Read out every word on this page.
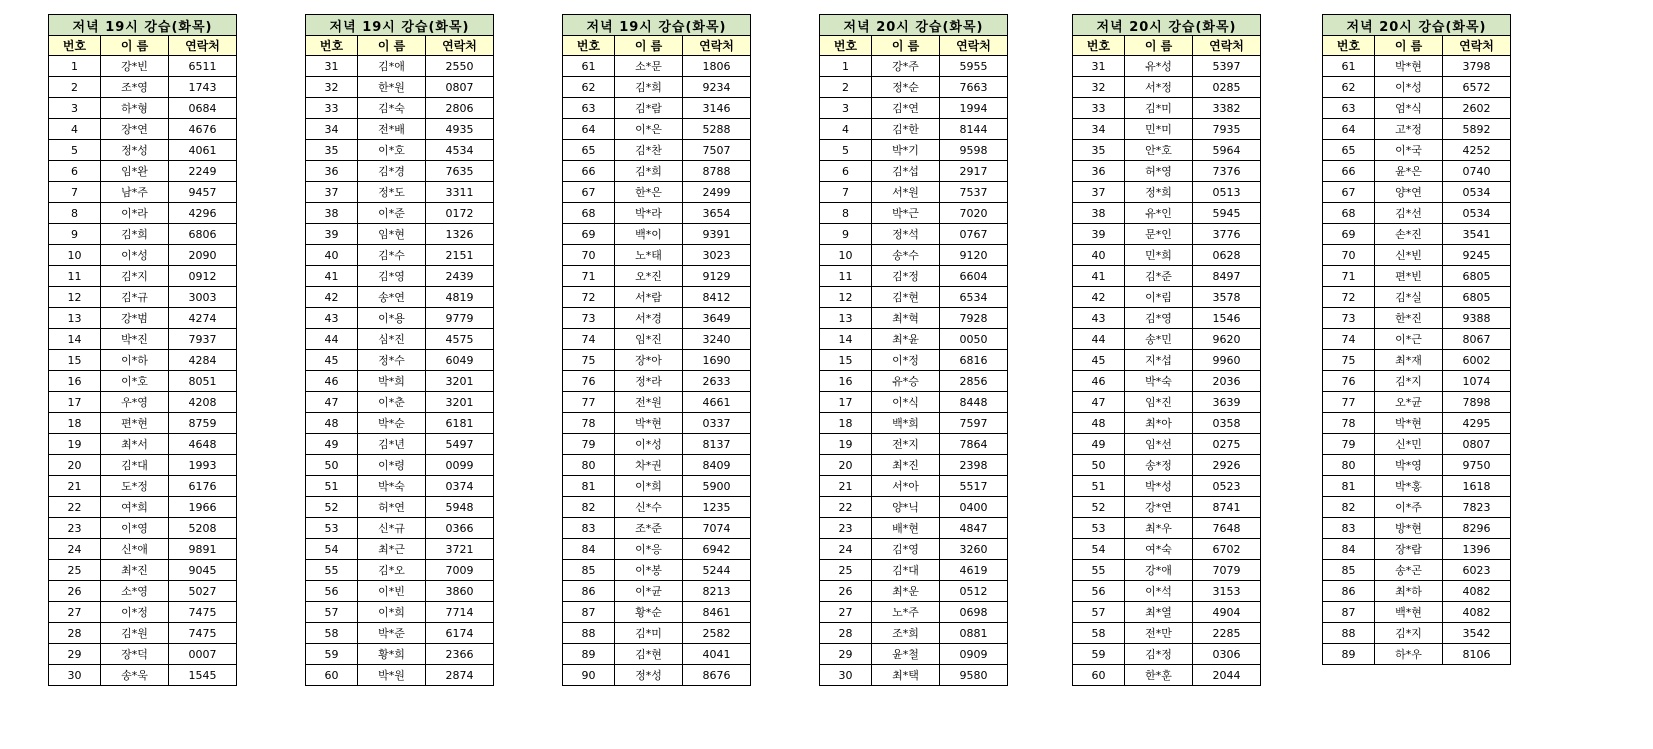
저녁 19시 강습(화목)		
번호	이 름	연락처
1	강*빈	6511
2	조*영	1743
3	하*형	0684
4	장*연	4676
5	정*성	4061
6	임*완	2249
7	남*주	9457
8	이*라	4296
9	김*희	6806
10	이*성	2090
11	김*지	0912
12	김*규	3003
13	강*범	4274
14	박*진	7937
15	이*하	4284
16	이*호	8051
17	우*영	4208
18	편*현	8759
19	최*서	4648
20	김*대	1993
21	도*정	6176
22	여*희	1966
23	이*영	5208
24	신*애	9891
25	최*진	9045
26	소*영	5027
27	이*정	7475
28	김*원	7475
29	장*덕	0007
30	송*욱	1545
저녁 19시 강습(화목)		
번호	이 름	연락처
31	김*애	2550
32	한*원	0807
33	김*숙	2806
34	전*배	4935
35	이*호	4534
36	김*경	7635
37	정*도	3311
38	이*준	0172
39	임*현	1326
40	김*수	2151
41	김*영	2439
42	송*연	4819
43	이*용	9779
44	심*진	4575
45	정*수	6049
46	박*희	3201
47	이*춘	3201
48	박*순	6181
49	김*년	5497
50	이*령	0099
51	박*숙	0374
52	허*연	5948
53	신*규	0366
54	최*근	3721
55	김*오	7009
56	이*빈	3860
57	이*희	7714
58	박*준	6174
59	황*희	2366
60	박*원	2874
저녁 19시 강습(화목)		
번호	이 름	연락처
61	소*문	1806
62	김*희	9234
63	김*람	3146
64	이*은	5288
65	김*찬	7507
66	김*희	8788
67	한*은	2499
68	박*라	3654
69	백*이	9391
70	노*태	3023
71	오*진	9129
72	서*람	8412
73	서*경	3649
74	임*진	3240
75	장*아	1690
76	정*라	2633
77	전*원	4661
78	박*현	0337
79	이*성	8137
80	차*권	8409
81	이*희	5900
82	신*수	1235
83	조*준	7074
84	이*응	6942
85	이*봉	5244
86	이*균	8213
87	황*순	8461
88	김*미	2582
89	김*현	4041
90	정*성	8676
저녁 20시 강습(화목)		
번호	이 름	연락처
1	강*주	5955
2	정*순	7663
3	김*연	1994
4	김*한	8144
5	박*기	9598
6	김*섭	2917
7	서*원	7537
8	박*근	7020
9	정*석	0767
10	송*수	9120
11	김*정	6604
12	김*현	6534
13	최*혁	7928
14	최*윤	0050
15	이*정	6816
16	유*승	2856
17	이*식	8448
18	백*희	7597
19	전*지	7864
20	최*진	2398
21	서*아	5517
22	양*닉	0400
23	배*현	4847
24	김*영	3260
25	김*대	4619
26	최*운	0512
27	노*주	0698
28	조*희	0881
29	윤*철	0909
30	최*택	9580
저녁 20시 강습(화목)		
번호	이 름	연락처
31	유*성	5397
32	서*정	0285
33	김*미	3382
34	민*미	7935
35	안*호	5964
36	허*영	7376
37	정*희	0513
38	유*인	5945
39	문*인	3776
40	민*희	0628
41	김*준	8497
42	이*림	3578
43	김*영	1546
44	송*민	9620
45	지*섭	9960
46	박*숙	2036
47	임*진	3639
48	최*아	0358
49	임*선	0275
50	송*정	2926
51	박*성	0523
52	강*연	8741
53	최*우	7648
54	여*숙	6702
55	강*애	7079
56	이*석	3153
57	최*열	4904
58	전*만	2285
59	김*정	0306
60	한*훈	2044
저녁 20시 강습(화목)		
번호	이 름	연락처
61	박*현	3798
62	이*성	6572
63	엄*식	2602
64	고*정	5892
65	이*국	4252
66	윤*은	0740
67	양*연	0534
68	김*선	0534
69	손*진	3541
70	신*빈	9245
71	편*빈	6805
72	김*실	6805
73	한*진	9388
74	이*근	8067
75	최*재	6002
76	김*지	1074
77	오*균	7898
78	박*현	4295
79	신*민	0807
80	박*영	9750
81	박*홍	1618
82	이*주	7823
83	방*현	8296
84	장*람	1396
85	송*곤	6023
86	최*하	4082
87	백*현	4082
88	김*지	3542
89	하*우	8106
